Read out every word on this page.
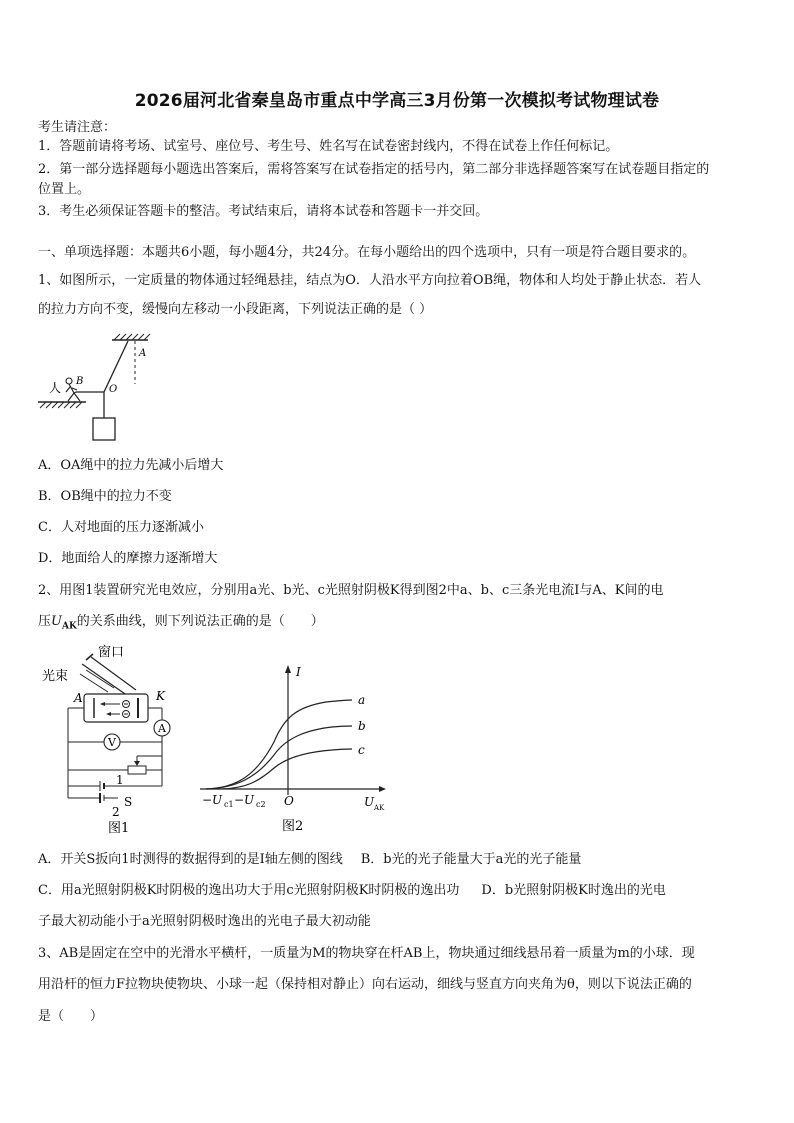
2026届河北省秦皇岛市重点中学高三3月份第一次模拟考试物理试卷
考生请注意：
1．答题前请将考场、试室号、座位号、考生号、姓名写在试卷密封线内，不得在试卷上作任何标记。
2．第一部分选择题每小题选出答案后，需将答案写在试卷指定的括号内，第二部分非选择题答案写在试卷题目指定的
位置上。
3．考生必须保证答题卡的整洁。考试结束后，请将本试卷和答题卡一并交回。
一、单项选择题：本题共6小题，每小题4分，共24分。在每小题给出的四个选项中，只有一项是符合题目要求的。
1、如图所示，一定质量的物体通过轻绳悬挂，结点为O．人沿水平方向拉着OB绳，物体和人均处于静止状态．若人
的拉力方向不变，缓慢向左移动一小段距离，下列说法正确的是（ ）
人 B
O
A
A．OA绳中的拉力先减小后增大
B．OB绳中的拉力不变
C．人对地面的压力逐渐减小
D．地面给人的摩擦力逐渐增大
2、用图1装置研究光电效应，分别用a光、b光、c光照射阴极K得到图2中a、b、c三条光电流I与A、K间的电
压$U_{AK}$的关系曲线，则下列说法正确的是（　　）
窗口
光束
A	K
A
V
1
2
S
图1
I
a
b
c
−U c1 −U c2 O	U AK
图2
A．开关S扳向1时测得的数据得到的是I轴左侧的图线 B．b光的光子能量大于a光的光子能量
C．用a光照射阴极K时阴极的逸出功大于用c光照射阴极K时阴极的逸出功 D．b光照射阴极K时逸出的光电
子最大初动能小于a光照射阴极时逸出的光电子最大初动能
3、AB是固定在空中的光滑水平横杆，一质量为M的物块穿在杆AB上，物块通过细线悬吊着一质量为m的小球．现
用沿杆的恒力F拉物块使物块、小球一起（保持相对静止）向右运动，细线与竖直方向夹角为θ，则以下说法正确的
是（　　）
